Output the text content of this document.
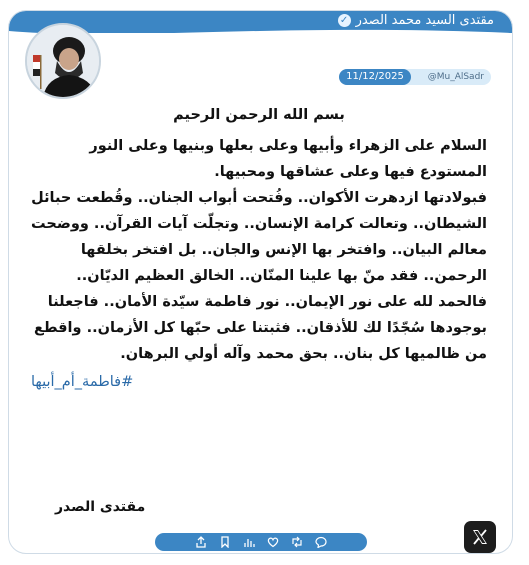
مقتدى السيد محمد الصدر
✓
11/12/2025	@Mu_AlSadr

بسم الله الرحمن الرحيم

السلام على الزهراء وأبيها وعلى بعلها وبنيها وعلى النور المستودع فيها وعلى عشاقها ومحبيها.

فبولادتها ازدهرت الأكوان.. وفُتحت أبواب الجنان.. وقُطعت حبائل الشيطان.. وتعالت كرامة الإنسان.. وتجلّت آيات القرآن.. ووضحت معالم البيان.. وافتخر بها الإنس والجان.. بل افتخر بخلقها الرحمن.. فقد منّ بها علينا المنّان.. الخالق العظيم الديّان.. فالحمد لله على نور الإيمان.. نور فاطمة سيّدة الأمان.. فاجعلنا بوجودها سُجّدًا لك للأذقان.. فثبتنا على حبّها كل الأزمان.. واقطع من ظالميها كل بنان.. بحق محمد وآله أولي البرهان.

#فاطمة_أم_أبيها
مقتدى الصدر
